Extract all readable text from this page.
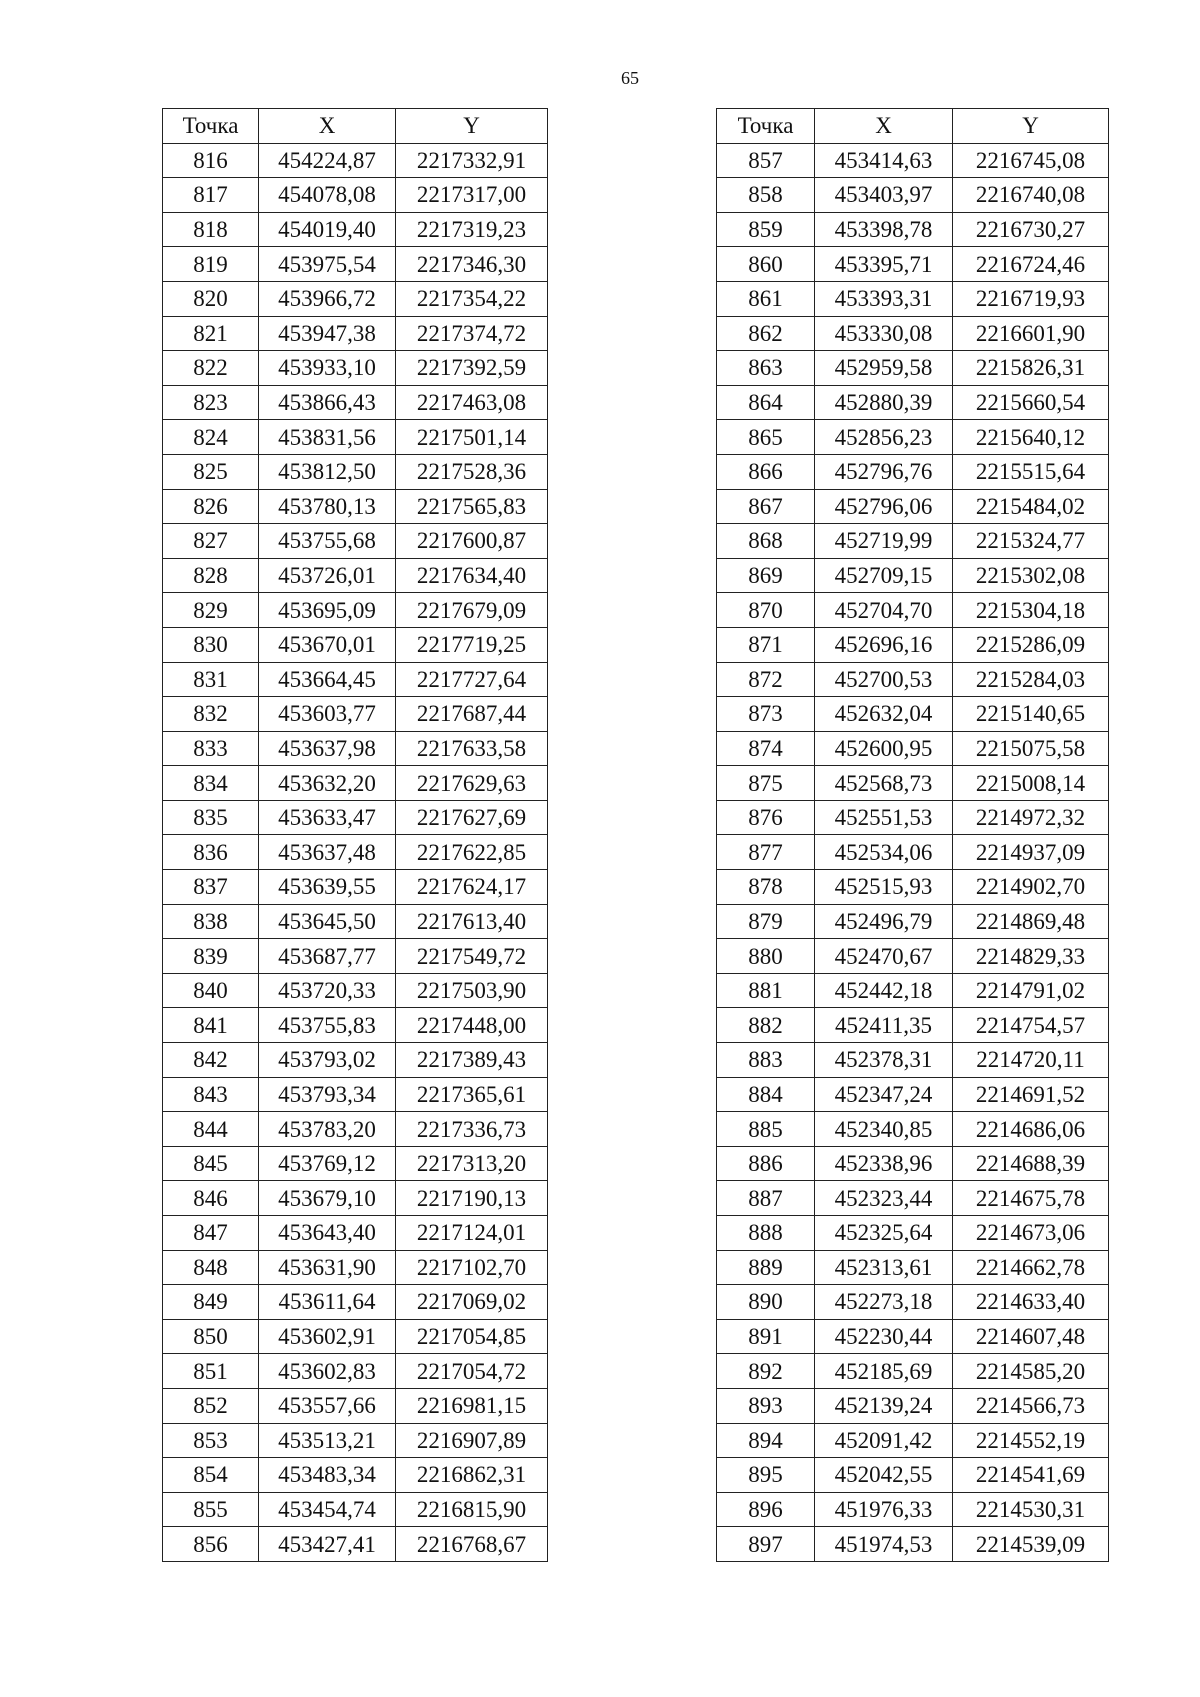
65
Точка	X	Y
816	454224,87	2217332,91
817	454078,08	2217317,00
818	454019,40	2217319,23
819	453975,54	2217346,30
820	453966,72	2217354,22
821	453947,38	2217374,72
822	453933,10	2217392,59
823	453866,43	2217463,08
824	453831,56	2217501,14
825	453812,50	2217528,36
826	453780,13	2217565,83
827	453755,68	2217600,87
828	453726,01	2217634,40
829	453695,09	2217679,09
830	453670,01	2217719,25
831	453664,45	2217727,64
832	453603,77	2217687,44
833	453637,98	2217633,58
834	453632,20	2217629,63
835	453633,47	2217627,69
836	453637,48	2217622,85
837	453639,55	2217624,17
838	453645,50	2217613,40
839	453687,77	2217549,72
840	453720,33	2217503,90
841	453755,83	2217448,00
842	453793,02	2217389,43
843	453793,34	2217365,61
844	453783,20	2217336,73
845	453769,12	2217313,20
846	453679,10	2217190,13
847	453643,40	2217124,01
848	453631,90	2217102,70
849	453611,64	2217069,02
850	453602,91	2217054,85
851	453602,83	2217054,72
852	453557,66	2216981,15
853	453513,21	2216907,89
854	453483,34	2216862,31
855	453454,74	2216815,90
856	453427,41	2216768,67
Точка	X	Y
857	453414,63	2216745,08
858	453403,97	2216740,08
859	453398,78	2216730,27
860	453395,71	2216724,46
861	453393,31	2216719,93
862	453330,08	2216601,90
863	452959,58	2215826,31
864	452880,39	2215660,54
865	452856,23	2215640,12
866	452796,76	2215515,64
867	452796,06	2215484,02
868	452719,99	2215324,77
869	452709,15	2215302,08
870	452704,70	2215304,18
871	452696,16	2215286,09
872	452700,53	2215284,03
873	452632,04	2215140,65
874	452600,95	2215075,58
875	452568,73	2215008,14
876	452551,53	2214972,32
877	452534,06	2214937,09
878	452515,93	2214902,70
879	452496,79	2214869,48
880	452470,67	2214829,33
881	452442,18	2214791,02
882	452411,35	2214754,57
883	452378,31	2214720,11
884	452347,24	2214691,52
885	452340,85	2214686,06
886	452338,96	2214688,39
887	452323,44	2214675,78
888	452325,64	2214673,06
889	452313,61	2214662,78
890	452273,18	2214633,40
891	452230,44	2214607,48
892	452185,69	2214585,20
893	452139,24	2214566,73
894	452091,42	2214552,19
895	452042,55	2214541,69
896	451976,33	2214530,31
897	451974,53	2214539,09
